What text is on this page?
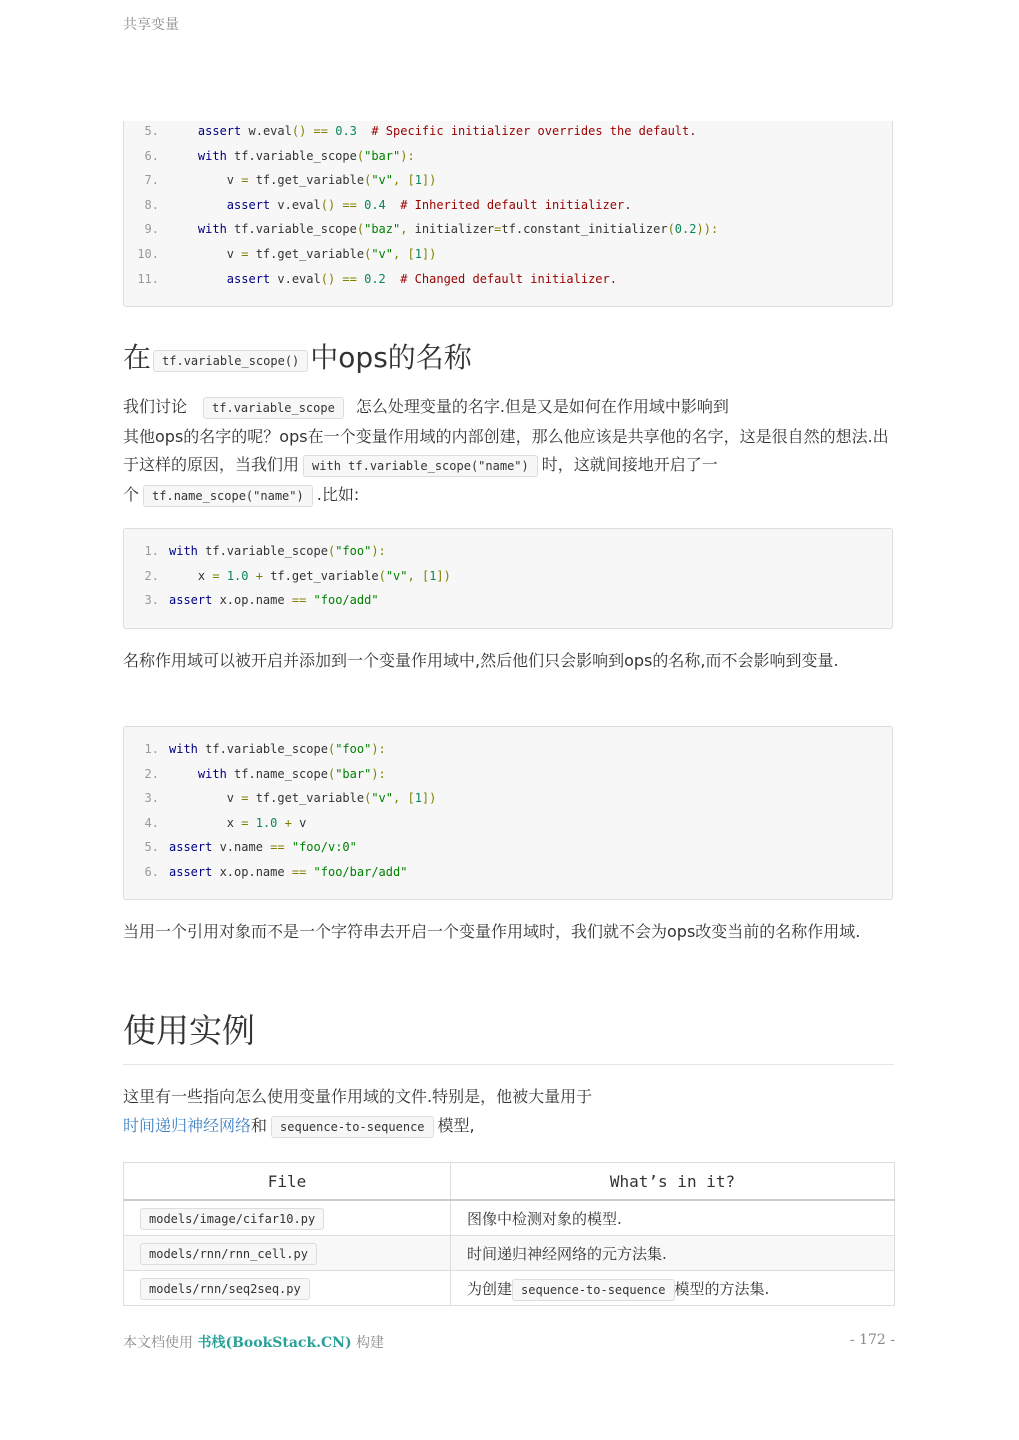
共享变量
5.	assert w.eval() == 0.3 # Specific initializer overrides the default.
6.	with tf.variable_scope("bar"):
7.        v = tf.get_variable("v", [1])
8.	assert v.eval() == 0.4 # Inherited default initializer.
9.	with tf.variable_scope("baz", initializer=tf.constant_initializer(0.2)):
10.        v = tf.get_variable("v", [1])
11.	assert v.eval() == 0.2 # Changed default initializer.
在tf.variable_scope() 中ops的名称
我们讨论 tf.variable_scope 怎么处理变量的名字.但是又是如何在作用域中影响到
其他ops的名字的呢？ops在一个变量作用域的内部创建，那么他应该是共享他的名字，这是很自然的想法.出于这样的原因，当我们用 with tf.variable_scope("name") 时，这就间接地开启了一
个 tf.name_scope("name") .比如:
1. with tf.variable_scope("foo"):
2.    x = 1.0 + tf.get_variable("v", [1])
3. assert x.op.name == "foo/add"
名称作用域可以被开启并添加到一个变量作用域中,然后他们只会影响到ops的名称,而不会影响到变量.
1. with tf.variable_scope("foo"):
2.	with tf.name_scope("bar"):
3.        v = tf.get_variable("v", [1])
4.        x = 1.0 + v
5. assert v.name == "foo/v:0"
6. assert x.op.name == "foo/bar/add"
当用一个引用对象而不是一个字符串去开启一个变量作用域时，我们就不会为ops改变当前的名称作用域.
使用实例
这里有一些指向怎么使用变量作用域的文件.特别是，他被大量用于
时间递归神经网络和 sequence-to-sequence 模型,
File	What’s in it?
models/image/cifar10.py	图像中检测对象的模型.
models/rnn/rnn_cell.py	时间递归神经网络的元方法集.
models/rnn/seq2seq.py	为创建 sequence-to-sequence 模型的方法集.
本文档使用 书栈(BookStack.CN) 构建	- 172 -
